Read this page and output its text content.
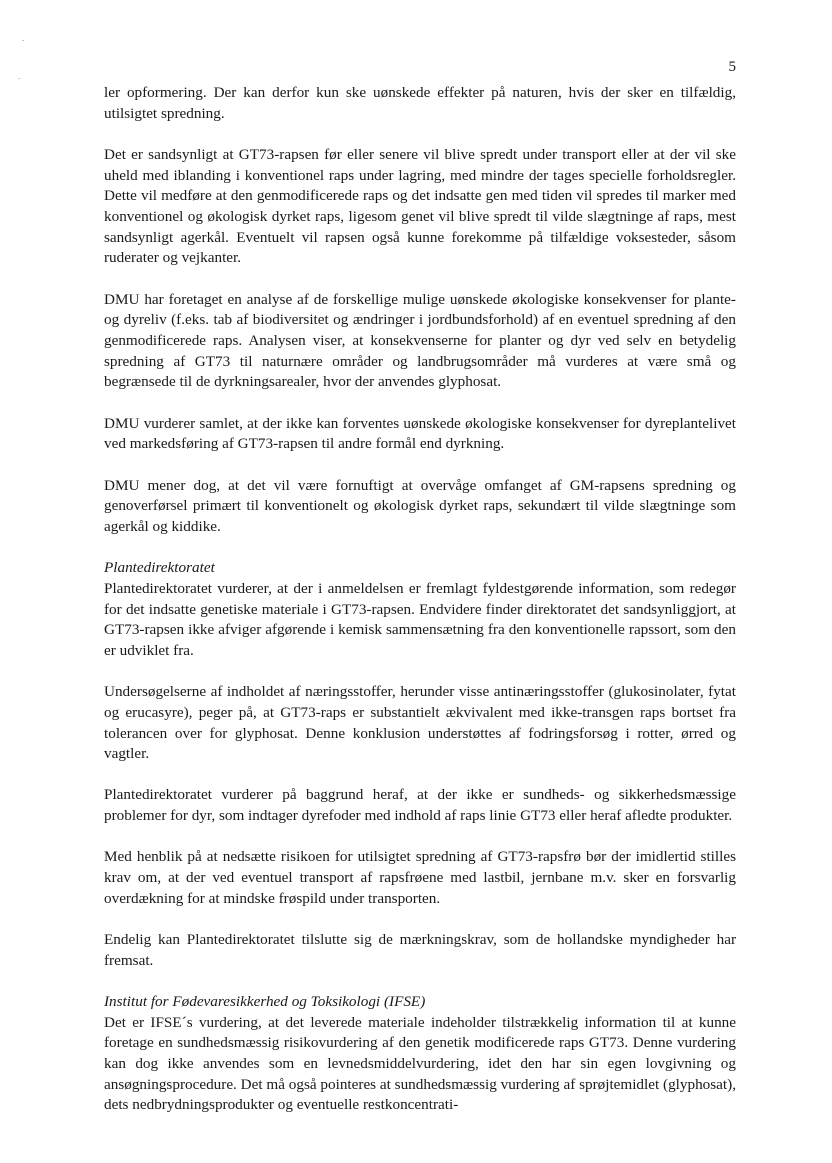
5

ler opformering. Der kan derfor kun ske uønskede effekter på naturen, hvis der sker en tilfældig, utilsigtet spredning.

Det er sandsynligt at GT73-rapsen før eller senere vil blive spredt under transport eller at der vil ske uheld med iblanding i konventionel raps under lagring, med mindre der tages specielle forholdsregler. Dette vil medføre at den genmodificerede raps og det indsatte gen med tiden vil spredes til marker med konventionel og økologisk dyrket raps, ligesom genet vil blive spredt til vilde slægtninge af raps, mest sandsynligt agerkål. Eventuelt vil rapsen også kunne forekomme på tilfældige voksesteder, såsom ruderater og vejkanter.

DMU har foretaget en analyse af de forskellige mulige uønskede økologiske konsekvenser for plante- og dyreliv (f.eks. tab af biodiversitet og ændringer i jordbundsforhold) af en eventuel spredning af den genmodificerede raps. Analysen viser, at konsekvenserne for planter og dyr ved selv en betydelig spredning af GT73 til naturnære områder og landbrugsområder må vurderes at være små og begrænsede til de dyrkningsarealer, hvor der anvendes glyphosat.

DMU vurderer samlet, at der ikke kan forventes uønskede økologiske konsekvenser for dyreplantelivet ved markedsføring af GT73-rapsen til andre formål end dyrkning.

DMU mener dog, at det vil være fornuftigt at overvåge omfanget af GM-rapsens spredning og genoverførsel primært til konventionelt og økologisk dyrket raps, sekundært til vilde slægtninge som agerkål og kiddike.

Plantedirektoratet

Plantedirektoratet vurderer, at der i anmeldelsen er fremlagt fyldestgørende information, som redegør for det indsatte genetiske materiale i GT73-rapsen. Endvidere finder direktoratet det sandsynliggjort, at GT73-rapsen ikke afviger afgørende i kemisk sammensætning fra den konventionelle rapssort, som den er udviklet fra.

Undersøgelserne af indholdet af næringsstoffer, herunder visse antinæringsstoffer (glukosinolater, fytat og erucasyre), peger på, at GT73-raps er substantielt ækvivalent med ikke-transgen raps bortset fra tolerancen over for glyphosat. Denne konklusion understøttes af fodringsforsøg i rotter, ørred og vagtler.

Plantedirektoratet vurderer på baggrund heraf, at der ikke er sundheds- og sikkerhedsmæssige problemer for dyr, som indtager dyrefoder med indhold af raps linie GT73 eller heraf afledte produkter.

Med henblik på at nedsætte risikoen for utilsigtet spredning af GT73-rapsfrø bør der imidlertid stilles krav om, at der ved eventuel transport af rapsfrøene med lastbil, jernbane m.v. sker en forsvarlig overdækning for at mindske frøspild under transporten.

Endelig kan Plantedirektoratet tilslutte sig de mærkningskrav, som de hollandske myndigheder har fremsat.

Institut for Fødevaresikkerhed og Toksikologi (IFSE)

Det er IFSE´s vurdering, at det leverede materiale indeholder tilstrækkelig information til at kunne foretage en sundhedsmæssig risikovurdering af den genetik modificerede raps GT73. Denne vurdering kan dog ikke anvendes som en levnedsmiddelvurdering, idet den har sin egen lovgivning og ansøgningsprocedure. Det må også pointeres at sundhedsmæssig vurdering af sprøjtemidlet (glyphosat), dets nedbrydningsprodukter og eventuelle restkoncentrati-
